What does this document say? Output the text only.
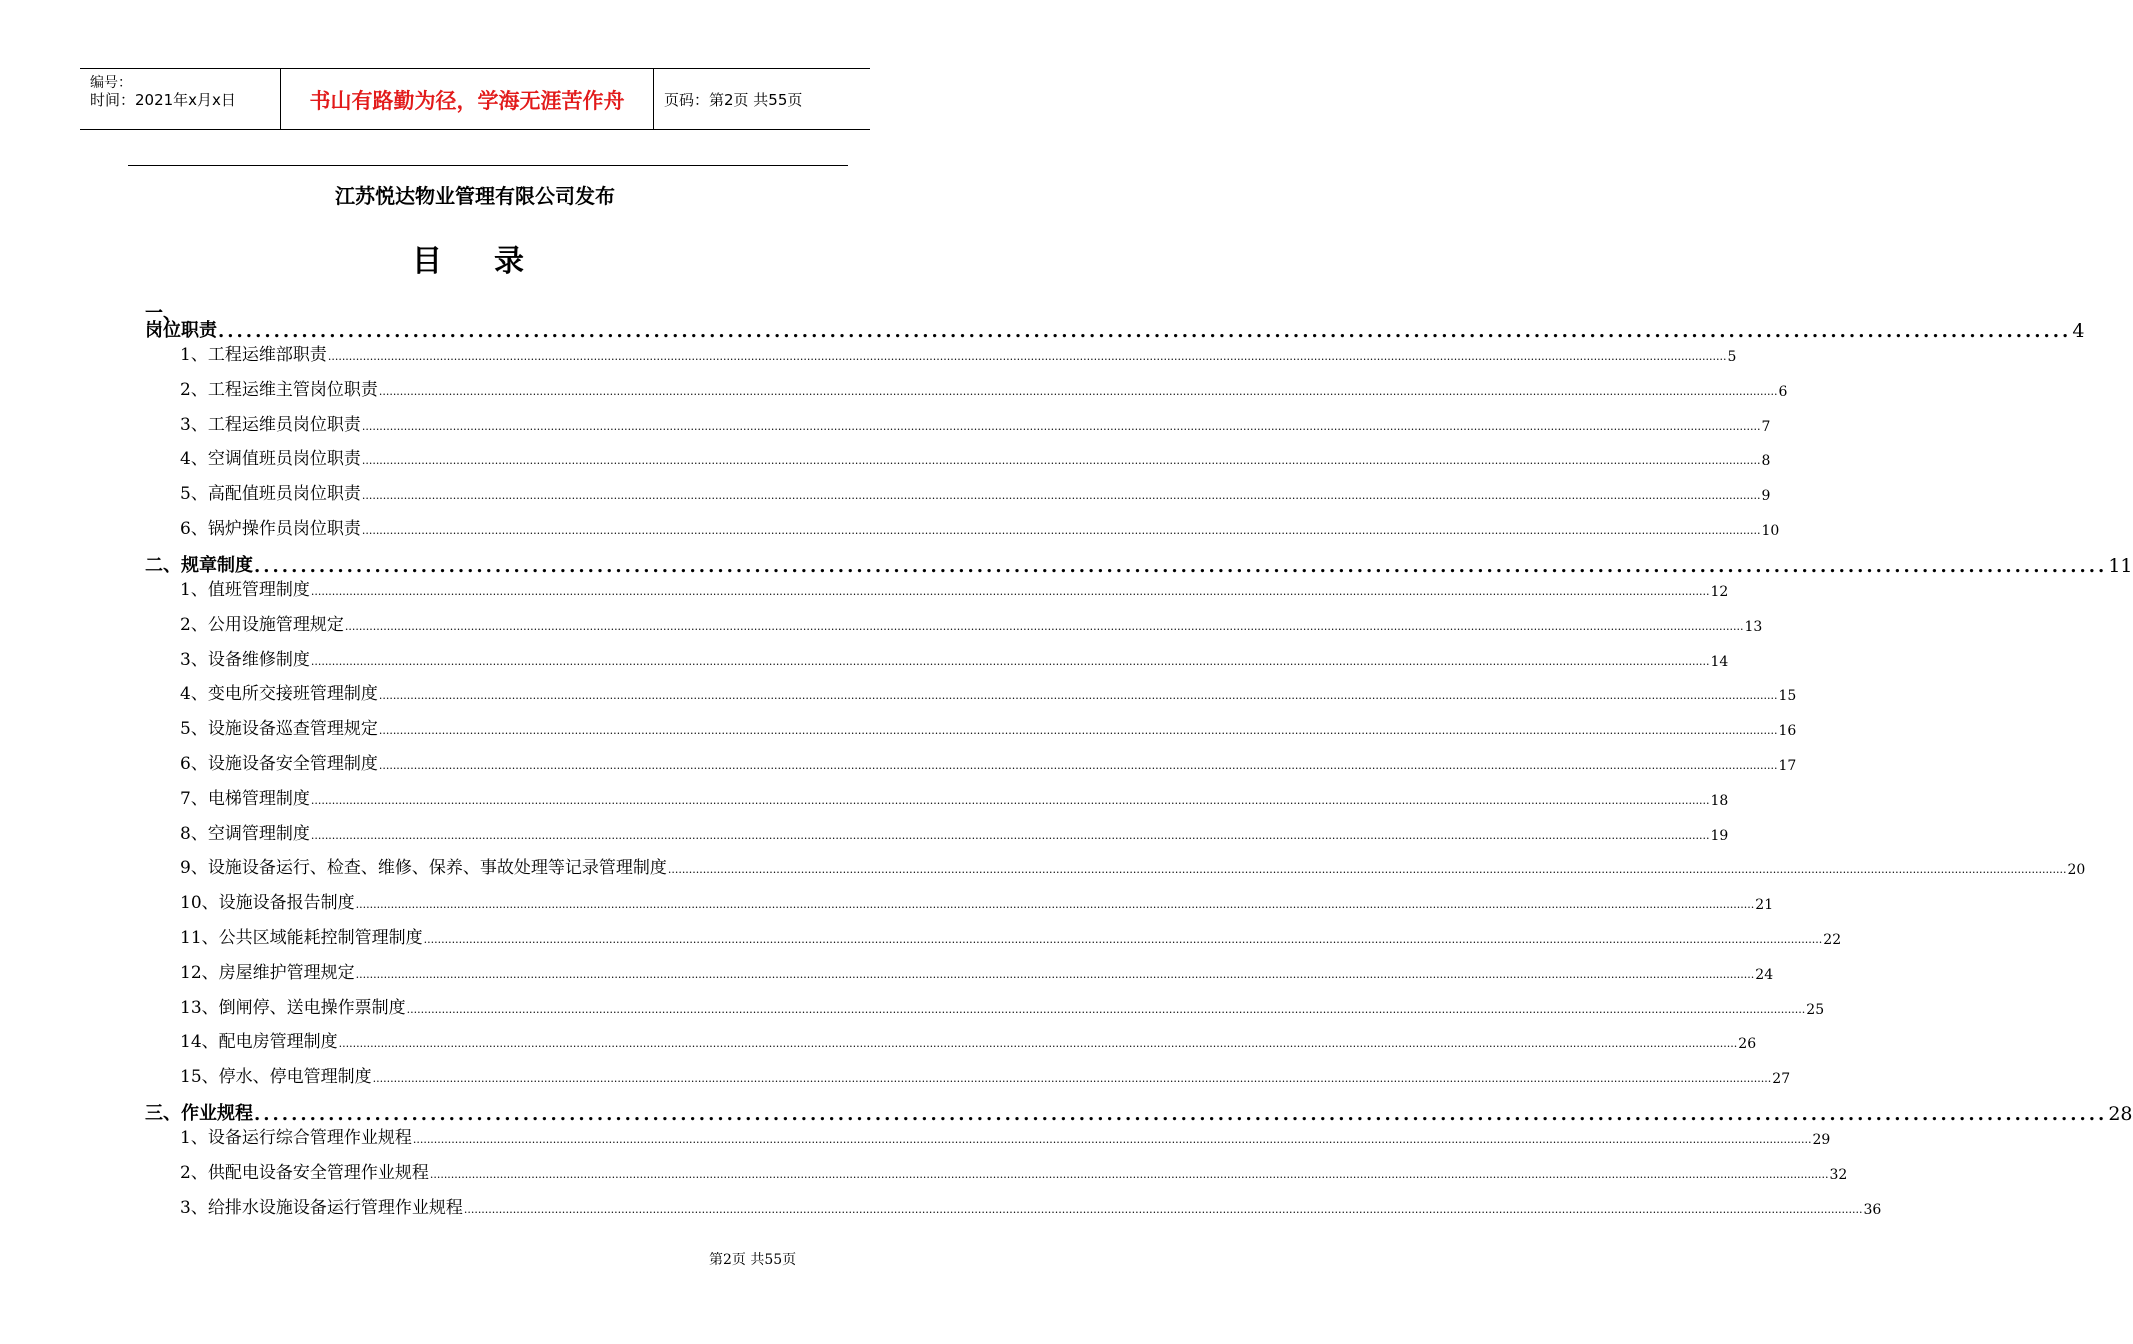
编号：
时间：2021年x月x日	书山有路勤为径，学海无涯苦作舟	页码：第2页 共55页
江苏悦达物业管理有限公司发布
目 录
一、
岗位职责 ........................................................................................................................................................................................................ 4
1、工程运维部职责 ................................................................................................................................................................................................................................................................................................................................................................................................................ 5
2、工程运维主管岗位职责 ................................................................................................................................................................................................................................................................................................................................................................................................................ 6
3、工程运维员岗位职责 ................................................................................................................................................................................................................................................................................................................................................................................................................ 7
4、空调值班员岗位职责 ................................................................................................................................................................................................................................................................................................................................................................................................................ 8
5、高配值班员岗位职责 ................................................................................................................................................................................................................................................................................................................................................................................................................ 9
6、锅炉操作员岗位职责 ................................................................................................................................................................................................................................................................................................................................................................................................................ 10
二、规章制度 ........................................................................................................................................................................................................ 11
1、值班管理制度 ................................................................................................................................................................................................................................................................................................................................................................................................................ 12
2、公用设施管理规定 ................................................................................................................................................................................................................................................................................................................................................................................................................ 13
3、设备维修制度 ................................................................................................................................................................................................................................................................................................................................................................................................................ 14
4、变电所交接班管理制度 ................................................................................................................................................................................................................................................................................................................................................................................................................ 15
5、设施设备巡查管理规定 ................................................................................................................................................................................................................................................................................................................................................................................................................ 16
6、设施设备安全管理制度 ................................................................................................................................................................................................................................................................................................................................................................................................................ 17
7、电梯管理制度 ................................................................................................................................................................................................................................................................................................................................................................................................................ 18
8、空调管理制度 ................................................................................................................................................................................................................................................................................................................................................................................................................ 19
9、设施设备运行、检查、维修、保养、事故处理等记录管理制度 ................................................................................................................................................................................................................................................................................................................................................................................................................ 20
10、设施设备报告制度 ................................................................................................................................................................................................................................................................................................................................................................................................................ 21
11、公共区域能耗控制管理制度 ................................................................................................................................................................................................................................................................................................................................................................................................................ 22
12、房屋维护管理规定 ................................................................................................................................................................................................................................................................................................................................................................................................................ 24
13、倒闸停、送电操作票制度 ................................................................................................................................................................................................................................................................................................................................................................................................................ 25
14、配电房管理制度 ................................................................................................................................................................................................................................................................................................................................................................................................................ 26
15、停水、停电管理制度 ................................................................................................................................................................................................................................................................................................................................................................................................................ 27
三、作业规程 ........................................................................................................................................................................................................ 28
1、设备运行综合管理作业规程 ................................................................................................................................................................................................................................................................................................................................................................................................................ 29
2、供配电设备安全管理作业规程 ................................................................................................................................................................................................................................................................................................................................................................................................................ 32
3、给排水设施设备运行管理作业规程 ................................................................................................................................................................................................................................................................................................................................................................................................................ 36
第2页 共55页
